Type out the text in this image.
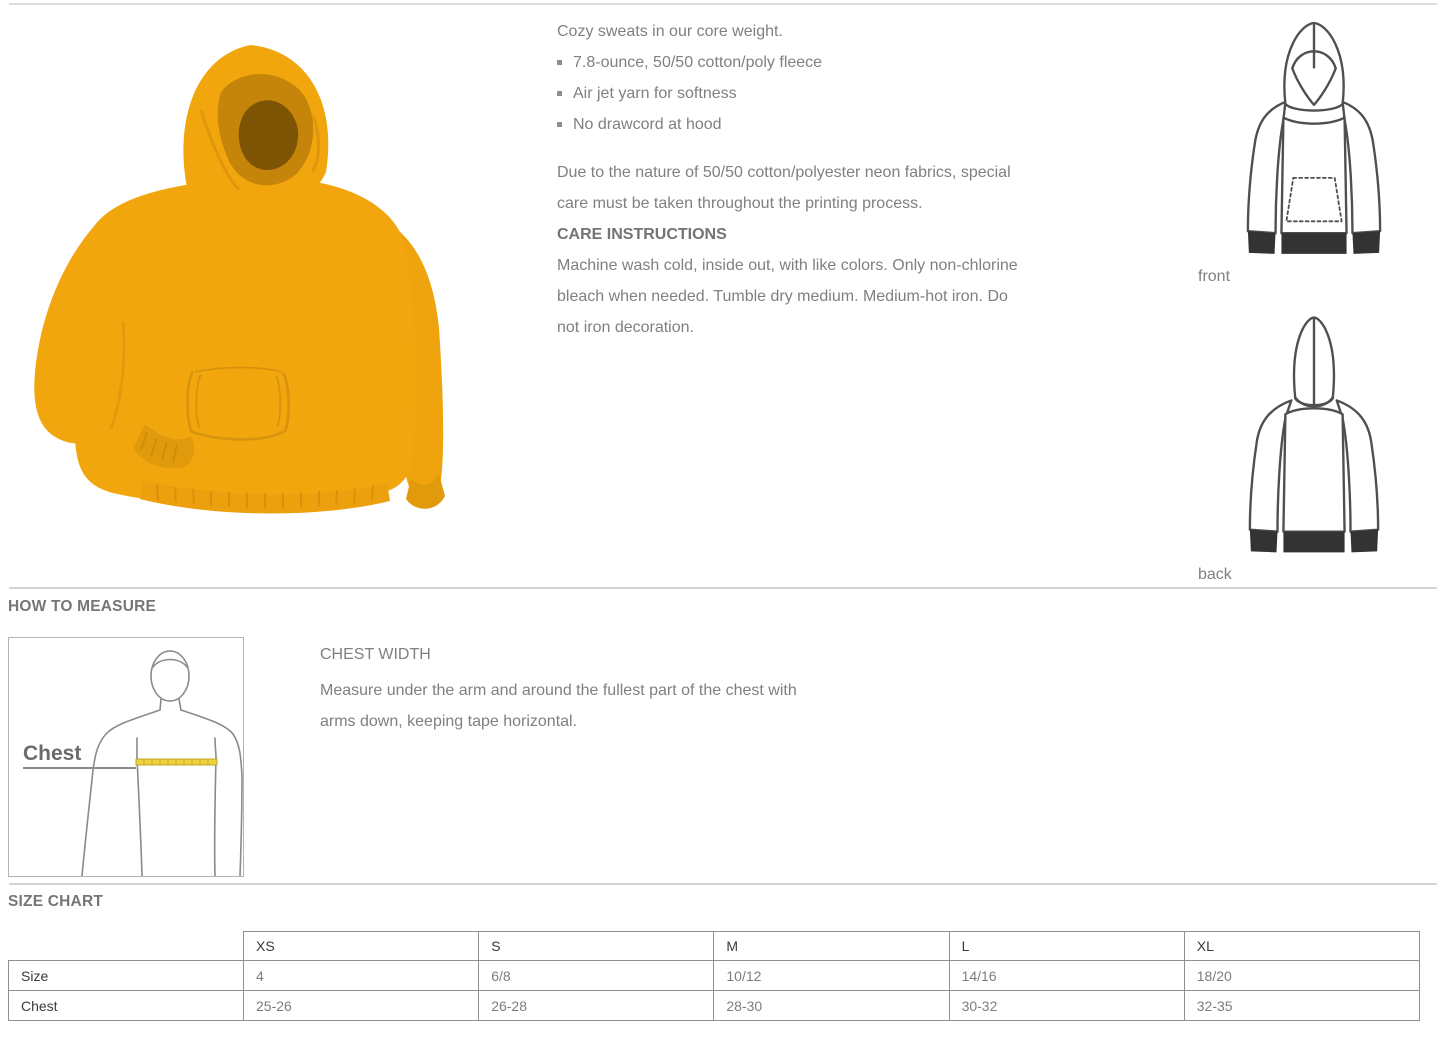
Cozy sweats in our core weight.

7.8-ounce, 50/50 cotton/poly fleece
Air jet yarn for softness
No drawcord at hood

Due to the nature of 50/50 cotton/polyester neon fabrics, special care must be taken throughout the printing process.

CARE INSTRUCTIONS

Machine wash cold, inside out, with like colors. Only non-chlorine bleach when needed. Tumble dry medium. Medium-hot iron. Do not iron decoration.

front

back

HOW TO MEASURE
Chest

CHEST WIDTH

Measure under the arm and around the fullest part of the chest with arms down, keeping tape horizontal.

SIZE CHART
	XS	S	M	L	XL
Size	4	6/8	10/12	14/16	18/20
Chest	25-26	26-28	28-30	30-32	32-35
